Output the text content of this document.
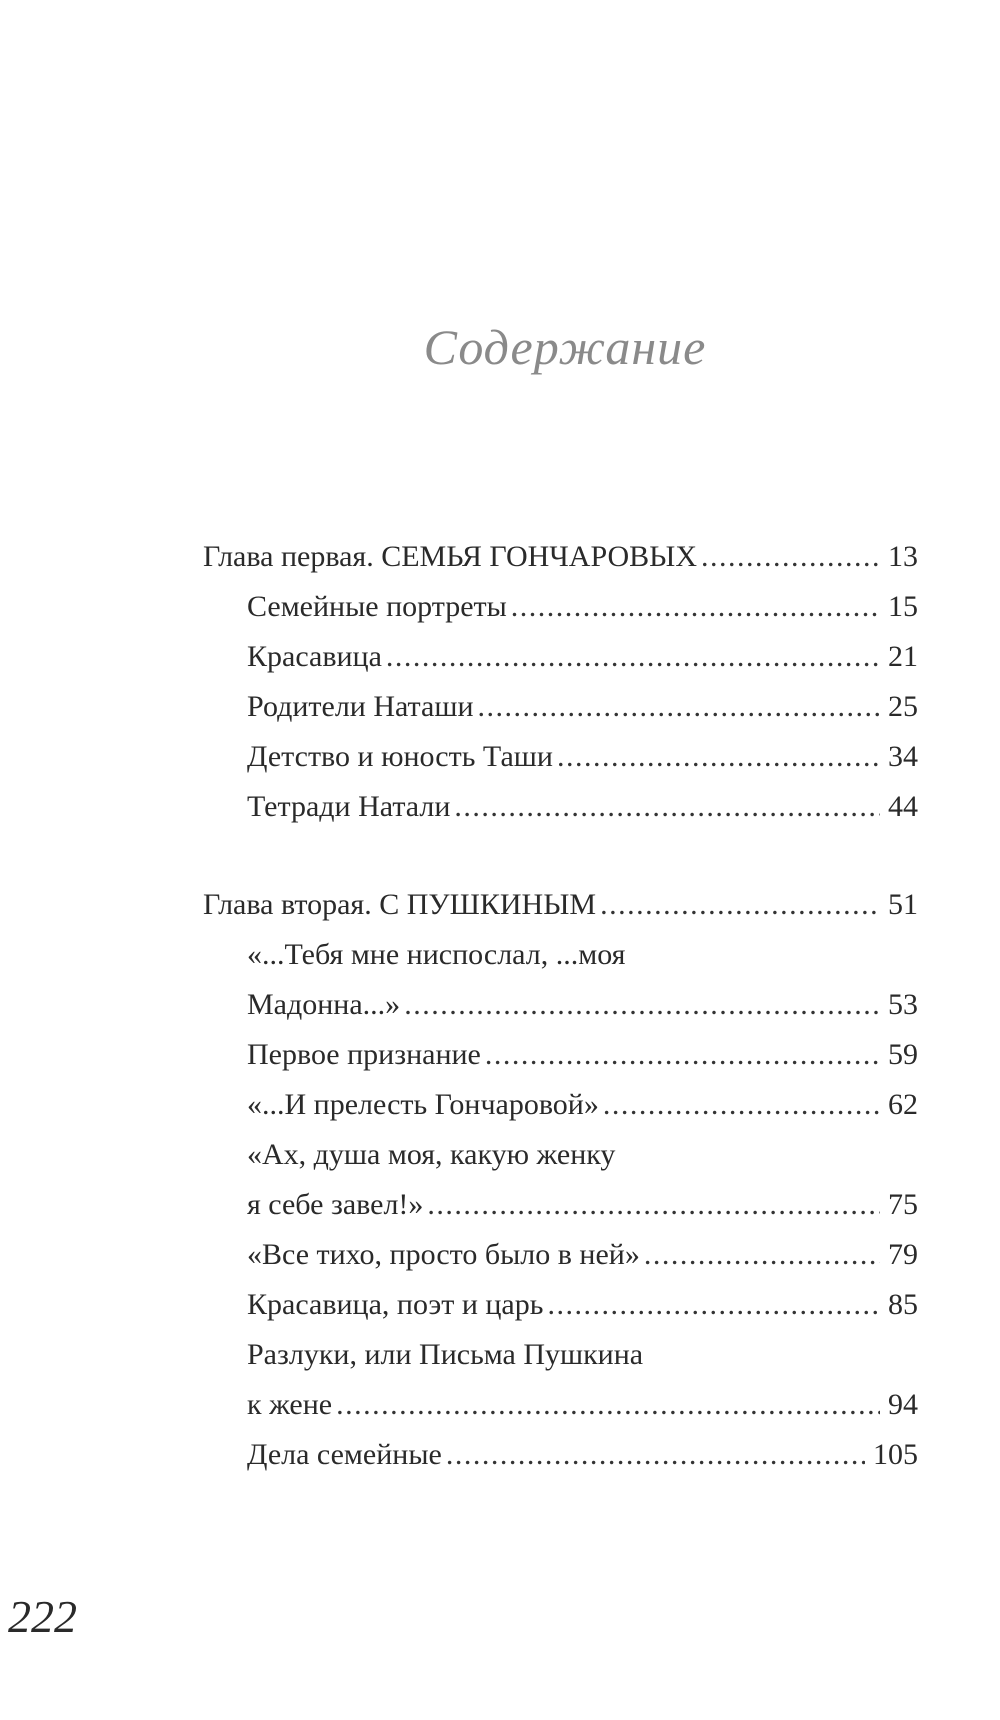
Содержание
Глава первая. СЕМЬЯ ГОНЧАРОВЫХ . . .	13
Семейные портреты . . .	15
Красавица . . .	21
Родители Наташи . . .	25
Детство и юность Таши . . .	34
Тетради Натали . . .	44
Глава вторая. С ПУШКИНЫМ . . .	51
«...Тебя мне ниспослал, ...моя
Мадонна...» . . .	53
Первое признание . . .	59
«...И прелесть Гончаровой» . . .	62
«Ах, душа моя, какую женку
я себе завел!» . . .	75
«Все тихо, просто было в ней» . . .	79
Красавица, поэт и царь . . .	85
Разлуки, или Письма Пушкина
к жене . . .	94
Дела семейные . . .	105
222
